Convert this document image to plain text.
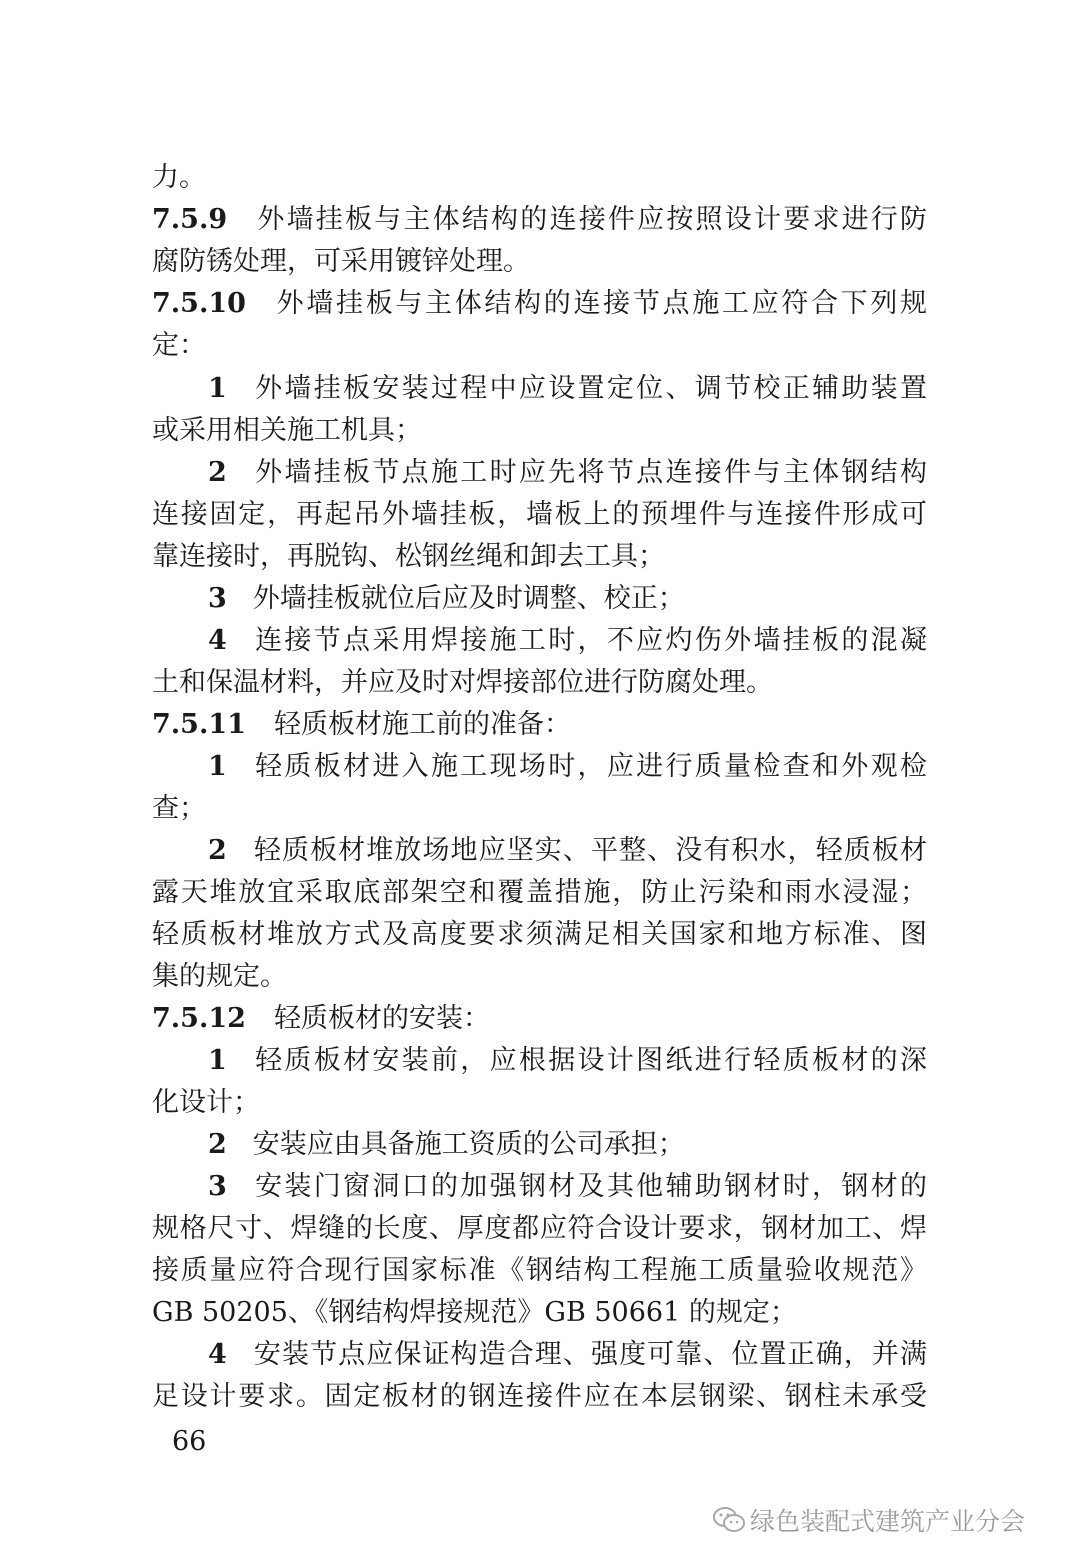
力。
7.5.9 外墙挂板与主体结构的连接件应按照设计要求进行防
腐防锈处理，可采用镀锌处理。
7.5.10 外墙挂板与主体结构的连接节点施工应符合下列规
定：
1 外墙挂板安装过程中应设置定位、调节校正辅助装置
或采用相关施工机具；
2 外墙挂板节点施工时应先将节点连接件与主体钢结构
连接固定，再起吊外墙挂板，墙板上的预埋件与连接件形成可
靠连接时，再脱钩、松钢丝绳和卸去工具；
3 外墙挂板就位后应及时调整、校正；
4 连接节点采用焊接施工时，不应灼伤外墙挂板的混凝
土和保温材料，并应及时对焊接部位进行防腐处理。
7.5.11 轻质板材施工前的准备：
1 轻质板材进入施工现场时，应进行质量检查和外观检
查；
2 轻质板材堆放场地应坚实、平整、没有积水，轻质板材
露天堆放宜采取底部架空和覆盖措施，防止污染和雨水浸湿；
轻质板材堆放方式及高度要求须满足相关国家和地方标准、图
集的规定。
7.5.12 轻质板材的安装：
1 轻质板材安装前，应根据设计图纸进行轻质板材的深
化设计；
2 安装应由具备施工资质的公司承担；
3 安装门窗洞口的加强钢材及其他辅助钢材时，钢材的
规格尺寸、焊缝的长度、厚度都应符合设计要求，钢材加工、焊
接质量应符合现行国家标准《钢结构工程施工质量验收规范》
GB 50205、《钢结构焊接规范》GB 50661 的规定；
4 安装节点应保证构造合理、强度可靠、位置正确，并满
足设计要求。固定板材的钢连接件应在本层钢梁、钢柱未承受
66
绿色装配式建筑产业分会
